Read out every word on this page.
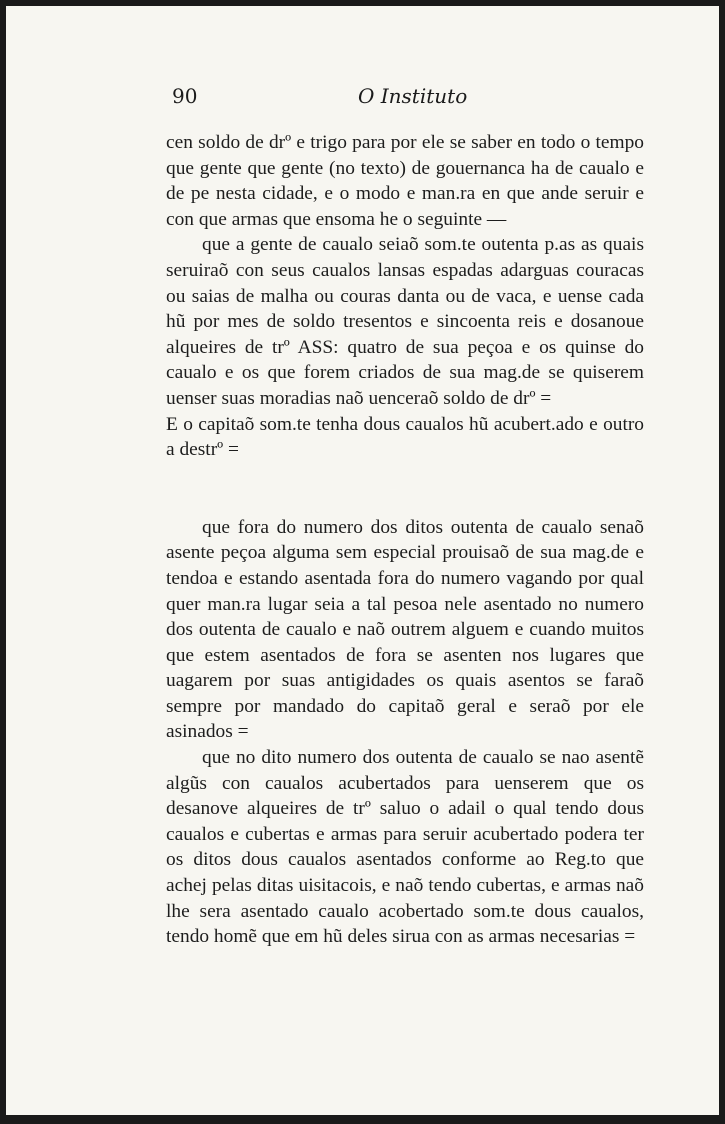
90	O Instituto

cen soldo de drº e trigo para por ele se saber en todo o tempo que gente que gente (no texto) de gouernanca ha de caualo e de pe nesta cidade, e o modo e man.ra en que ande seruir e con que armas que ensoma he o seguinte —

que a gente de caualo seiaõ som.te outenta p.as as quais seruiraõ con seus caualos lansas espadas adarguas couracas ou saias de malha ou couras danta ou de vaca, e uense cada hũ por mes de soldo tresentos e sincoenta reis e dosanoue alqueires de trº ASS: quatro de sua peçoa e os quinse do caualo e os que forem criados de sua mag.de se quiserem uenser suas moradias naõ uenceraõ soldo de drº =

E o capitaõ som.te tenha dous caualos hũ acubert.ado e outro a destrº =

que fora do numero dos ditos outenta de caualo senaõ asente peçoa alguma sem especial prouisaõ de sua mag.de e tendoa e estando asentada fora do numero vagando por qual quer man.ra lugar seia a tal pesoa nele asentado no numero dos outenta de caualo e naõ outrem alguem e cuando muitos que estem asentados de fora se asenten nos lugares que uagarem por suas antigidades os quais asentos se faraõ sempre por mandado do capitaõ geral e seraõ por ele asinados =

que no dito numero dos outenta de caualo se nao asentẽ algũs con caualos acubertados para uenserem que os desanove alqueires de trº saluo o adail o qual tendo dous caualos e cubertas e armas para seruir acubertado podera ter os ditos dous caualos asentados conforme ao Reg.to que achej pelas ditas uisitacois, e naõ tendo cubertas, e armas naõ lhe sera asentado caualo acobertado som.te dous caualos, tendo homẽ que em hũ deles sirua con as armas necesarias =
